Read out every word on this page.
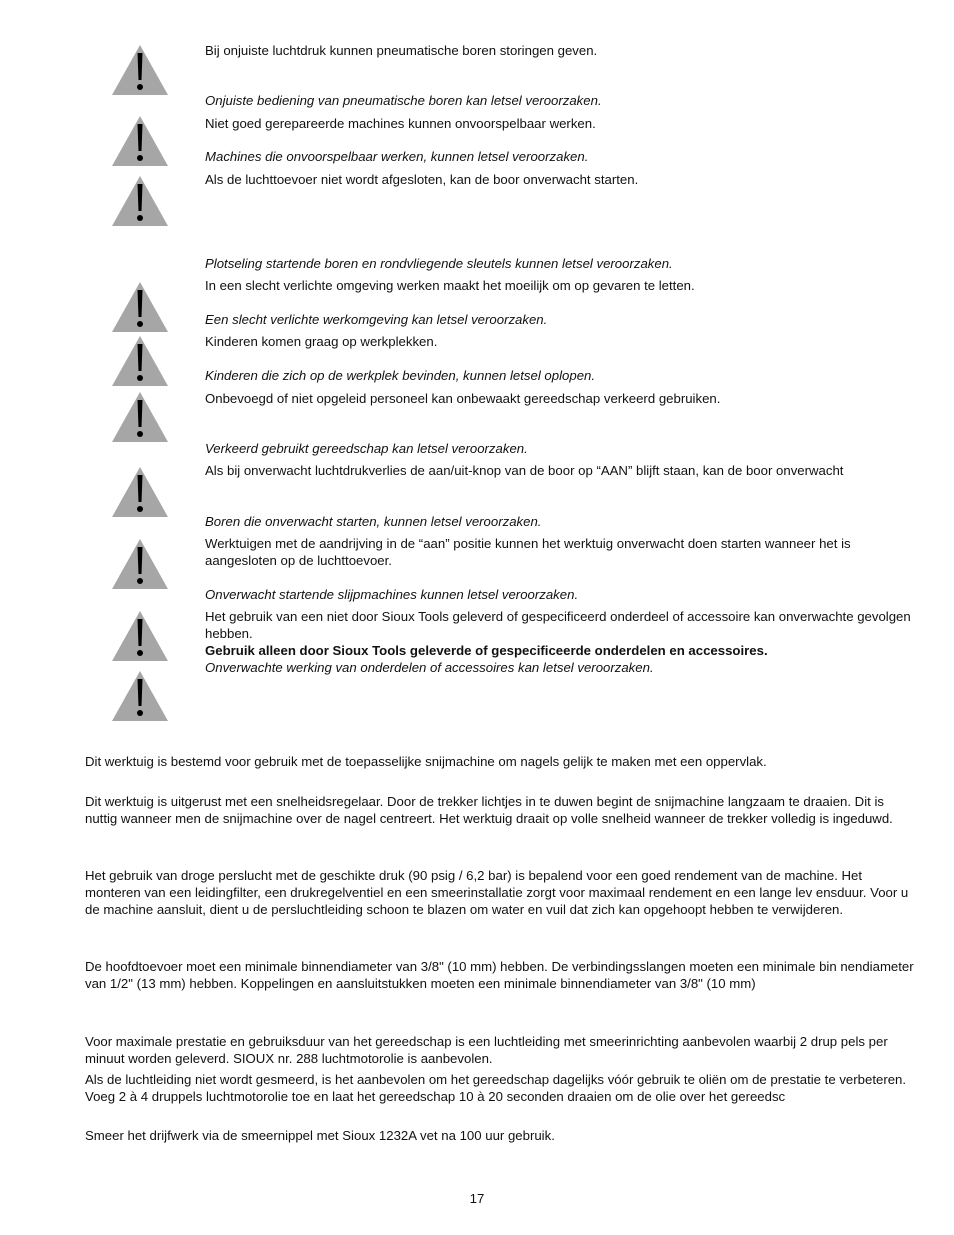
Bij onjuiste luchtdruk kunnen pneumatische boren storingen geven.
Onjuiste bediening van pneumatische boren kan letsel veroorzaken.
Niet goed gerepareerde machines kunnen onvoorspelbaar werken.
Machines die onvoorspelbaar werken, kunnen letsel veroorzaken.
Als de luchttoevoer niet wordt afgesloten, kan de boor onverwacht starten.
Plotseling startende boren en rondvliegende sleutels kunnen letsel veroorzaken.
In een slecht verlichte omgeving werken maakt het moeilijk om op gevaren te letten.
Een slecht verlichte werkomgeving kan letsel veroorzaken.
Kinderen komen graag op werkplekken.
Kinderen die zich op de werkplek bevinden, kunnen letsel oplopen.
Onbevoegd of niet opgeleid personeel kan onbewaakt gereedschap verkeerd gebruiken.
Verkeerd gebruikt gereedschap kan letsel veroorzaken.
Als bij onverwacht luchtdrukverlies de aan/uit-knop van de boor op “AAN” blijft staan, kan de boor onverwacht
Boren die onverwacht starten, kunnen letsel veroorzaken.
Werktuigen met de aandrijving in de “aan” positie kunnen het werktuig onverwacht doen starten wanneer het is aangesloten op de luchttoevoer.
Onverwacht startende slijpmachines kunnen letsel veroorzaken.
Het gebruik van een niet door Sioux Tools geleverd of gespecificeerd onderdeel of accessoire kan onverwachte gevolgen hebben.
Gebruik alleen door Sioux Tools geleverde of gespecificeerde onderdelen en accessoires.
Onverwachte werking van onderdelen of accessoires kan letsel veroorzaken.
Dit werktuig is bestemd voor gebruik met de toepasselijke snijmachine om nagels gelijk te maken met een oppervlak.
Dit werktuig is uitgerust met een snelheidsregelaar. Door de trekker lichtjes in te duwen begint de snijmachine langzaam te draaien. Dit is nuttig wanneer men de snijmachine over de nagel centreert. Het werktuig draait op volle snelheid wanneer de trekker volledig is ingeduwd.
Het gebruik van droge perslucht met de geschikte druk (90 psig / 6,2 bar) is bepalend voor een goed rendement van de machine. Het monteren van een leidingfilter, een drukregelventiel en een smeerinstallatie zorgt voor maximaal rendement en een lange lev ensduur. Voor u de machine aansluit, dient u de persluchtleiding schoon te blazen om water en vuil dat zich kan opgehoopt hebben te verwijderen.
De hoofdtoevoer moet een minimale binnendiameter van 3/8" (10 mm) hebben. De verbindingsslangen moeten een minimale bin nendiameter van 1/2" (13 mm) hebben. Koppelingen en aansluitstukken moeten een minimale binnendiameter van 3/8" (10 mm)
Voor maximale prestatie en gebruiksduur van het gereedschap is een luchtleiding met smeerinrichting aanbevolen waarbij 2 drup pels per minuut worden geleverd. SIOUX nr. 288 luchtmotorolie is aanbevolen.
Als de luchtleiding niet wordt gesmeerd, is het aanbevolen om het gereedschap dagelijks vóór gebruik te oliën om de prestatie te verbeteren. Voeg 2 à 4 druppels luchtmotorolie toe en laat het gereedschap 10 à 20 seconden draaien om de olie over het gereedsc
Smeer het drijfwerk via de smeernippel met Sioux 1232A vet na 100 uur gebruik.
17
